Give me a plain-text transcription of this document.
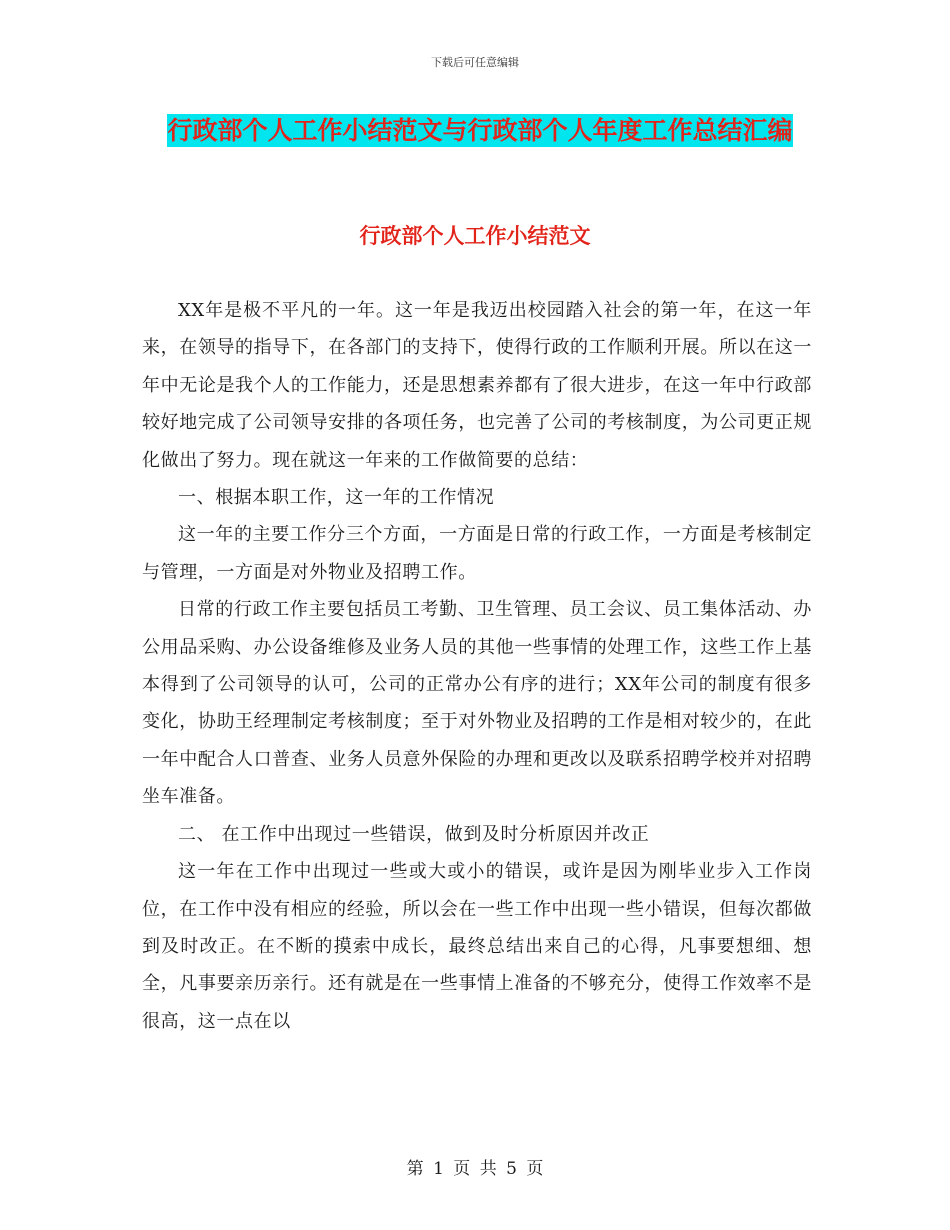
下载后可任意编辑
行政部个人工作小结范文与行政部个人年度工作总结汇编
行政部个人工作小结范文

XX年是极不平凡的一年。这一年是我迈出校园踏入社会的第一年，在这一年来，在领导的指导下，在各部门的支持下，使得行政的工作顺利开展。所以在这一年中无论是我个人的工作能力，还是思想素养都有了很大进步，在这一年中行政部较好地完成了公司领导安排的各项任务，也完善了公司的考核制度，为公司更正规化做出了努力。现在就这一年来的工作做简要的总结：

一、根据本职工作，这一年的工作情况

这一年的主要工作分三个方面，一方面是日常的行政工作，一方面是考核制定与管理，一方面是对外物业及招聘工作。

日常的行政工作主要包括员工考勤、卫生管理、员工会议、员工集体活动、办公用品采购、办公设备维修及业务人员的其他一些事情的处理工作，这些工作上基本得到了公司领导的认可，公司的正常办公有序的进行；XX年公司的制度有很多变化，协助王经理制定考核制度；至于对外物业及招聘的工作是相对较少的，在此一年中配合人口普查、业务人员意外保险的办理和更改以及联系招聘学校并对招聘坐车准备。

二、 在工作中出现过一些错误，做到及时分析原因并改正

这一年在工作中出现过一些或大或小的错误，或许是因为刚毕业步入工作岗位，在工作中没有相应的经验，所以会在一些工作中出现一些小错误，但每次都做到及时改正。在不断的摸索中成长，最终总结出来自己的心得，凡事要想细、想全，凡事要亲历亲行。还有就是在一些事情上准备的不够充分，使得工作效率不是很高，这一点在以

第 1 页 共 5 页
